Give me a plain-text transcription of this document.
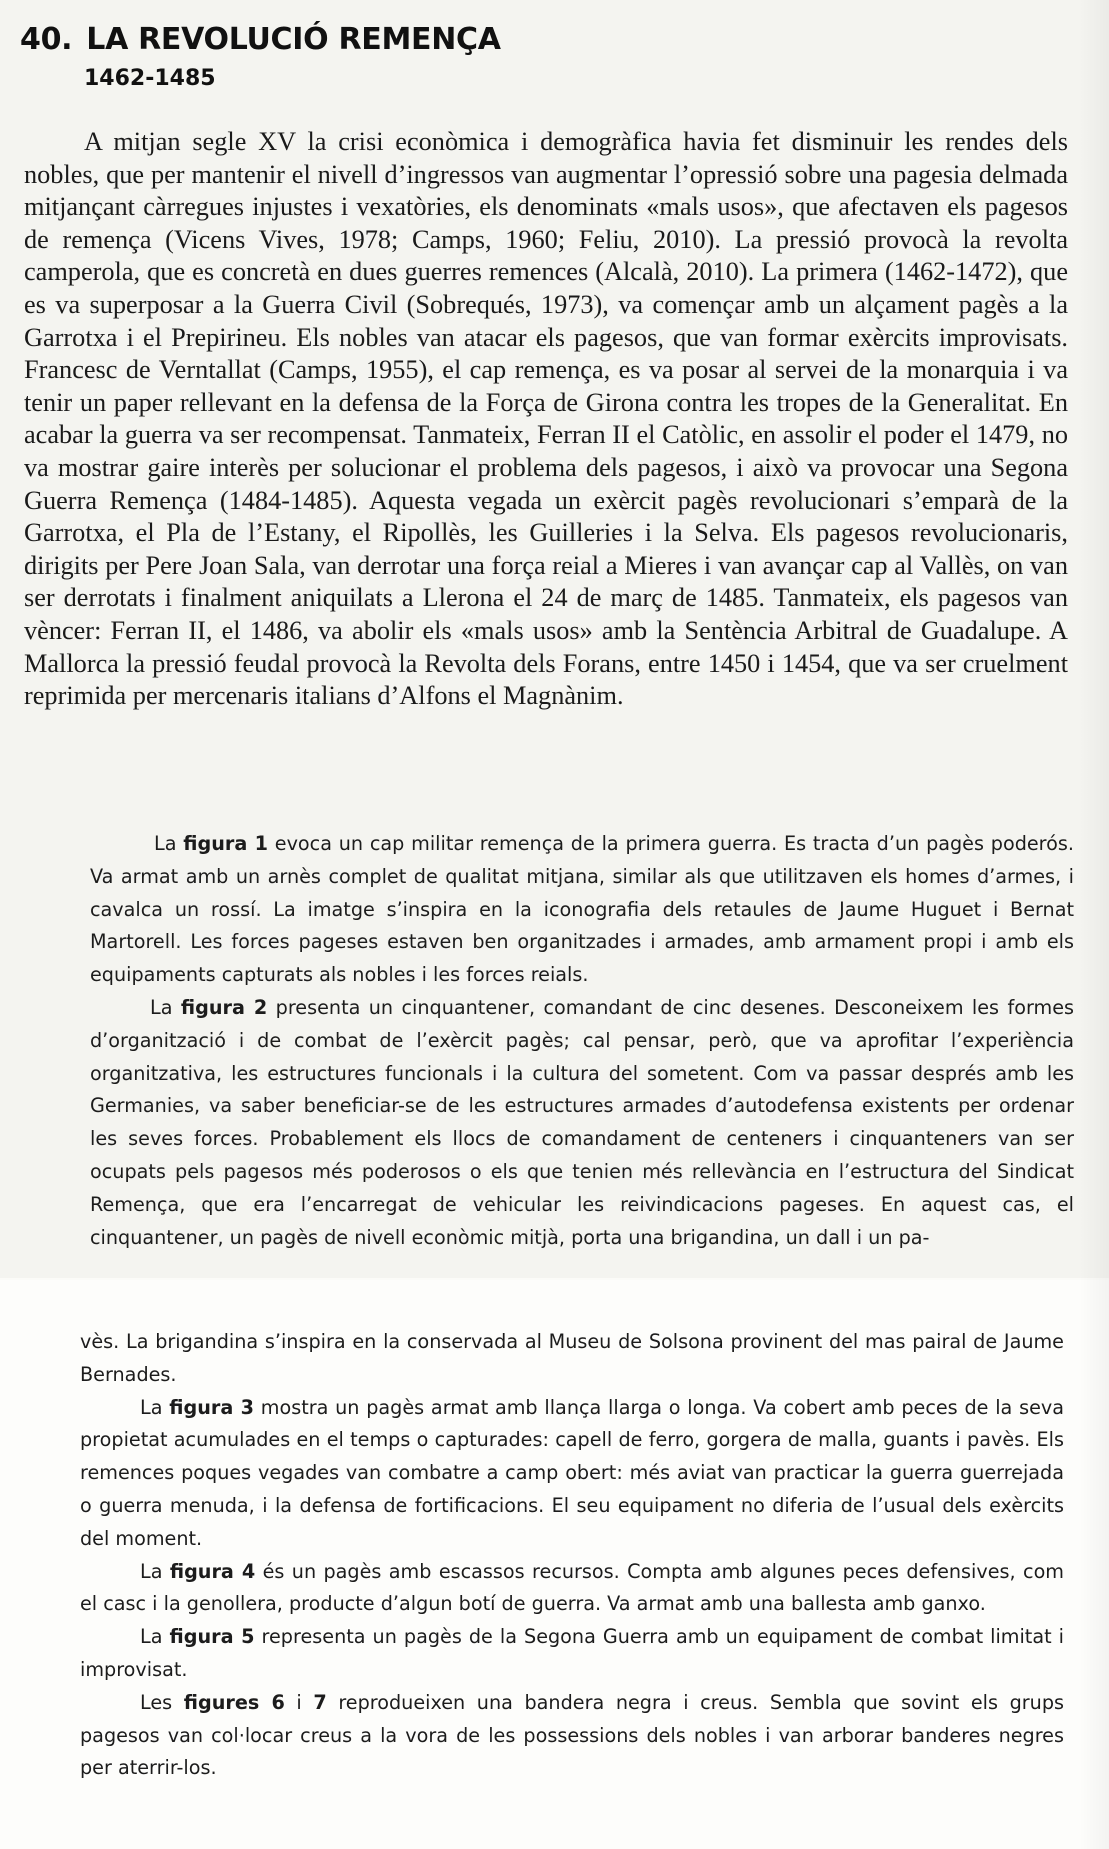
40. LA REVOLUCIÓ REMENÇA
1462-1485

A mitjan segle XV la crisi econòmica i demogràfica havia fet disminuir les rendes dels nobles, que per mantenir el nivell d’ingressos van augmentar l’opressió sobre una pagesia delmada mitjançant càrregues injustes i vexatòries, els denominats «mals usos», que afectaven els pagesos de remença (Vicens Vives, 1978; Camps, 1960; Feliu, 2010). La pressió provocà la revolta camperola, que es concretà en dues guerres remences (Alcalà, 2010). La primera (1462-1472), que es va superposar a la Guerra Civil (Sobrequés, 1973), va començar amb un alçament pagès a la Garrotxa i el Prepirineu. Els nobles van atacar els pagesos, que van formar exèrcits improvisats. Francesc de Verntallat (Camps, 1955), el cap remença, es va posar al servei de la monarquia i va tenir un paper rellevant en la defensa de la Força de Girona contra les tropes de la Generalitat. En acabar la guerra va ser recompensat. Tanmateix, Ferran II el Catòlic, en assolir el poder el 1479, no va mostrar gaire interès per solucionar el problema dels pagesos, i això va provocar una Segona Guerra Remença (1484-1485). Aquesta vegada un exèrcit pagès revolucionari s’emparà de la Garrotxa, el Pla de l’Estany, el Ripollès, les Guilleries i la Selva. Els pagesos revolucionaris, dirigits per Pere Joan Sala, van derrotar una força reial a Mieres i van avançar cap al Vallès, on van ser derrotats i finalment aniquilats a Llerona el 24 de març de 1485. Tanmateix, els pagesos van vèncer: Ferran II, el 1486, va abolir els «mals usos» amb la Sentència Arbitral de Guadalupe. A Mallorca la pressió feudal provocà la Revolta dels Forans, entre 1450 i 1454, que va ser cruelment reprimida per mercenaris italians d’Alfons el Magnànim.

La figura 1 evoca un cap militar remença de la primera guerra. Es tracta d’un pagès poderós. Va armat amb un arnès complet de qualitat mitjana, similar als que utilitzaven els homes d’armes, i cavalca un rossí. La imatge s’inspira en la iconografia dels retaules de Jaume Huguet i Bernat Martorell. Les forces pageses estaven ben organitzades i armades, amb armament propi i amb els equipaments capturats als nobles i les forces reials.

La figura 2 presenta un cinquantener, comandant de cinc desenes. Desconeixem les formes d’organització i de combat de l’exèrcit pagès; cal pensar, però, que va aprofitar l’experiència organitzativa, les estructures funcionals i la cultura del sometent. Com va passar després amb les Germanies, va saber beneficiar-se de les estructures armades d’autodefensa existents per ordenar les seves forces. Probablement els llocs de comandament de centeners i cinquanteners van ser ocupats pels pagesos més poderosos o els que tenien més rellevància en l’estructura del Sindicat Remença, que era l’encarregat de vehicular les reivindicacions pageses. En aquest cas, el cinquantener, un pagès de nivell econòmic mitjà, porta una brigandina, un dall i un pa-

vès. La brigandina s’inspira en la conservada al Museu de Solsona provinent del mas pairal de Jaume Bernades.

La figura 3 mostra un pagès armat amb llança llarga o longa. Va cobert amb peces de la seva propietat acumulades en el temps o capturades: capell de ferro, gorgera de malla, guants i pavès. Els remences poques vegades van combatre a camp obert: més aviat van practicar la guerra guerrejada o guerra menuda, i la defensa de fortificacions. El seu equipament no diferia de l’usual dels exèrcits del moment.

La figura 4 és un pagès amb escassos recursos. Compta amb algunes peces defensives, com el casc i la genollera, producte d’algun botí de guerra. Va armat amb una ballesta amb ganxo.

La figura 5 representa un pagès de la Segona Guerra amb un equipament de combat limitat i improvisat.

Les figures 6 i 7 reprodueixen una bandera negra i creus. Sembla que sovint els grups pagesos van col·locar creus a la vora de les possessions dels nobles i van arborar banderes negres per aterrir-los.
